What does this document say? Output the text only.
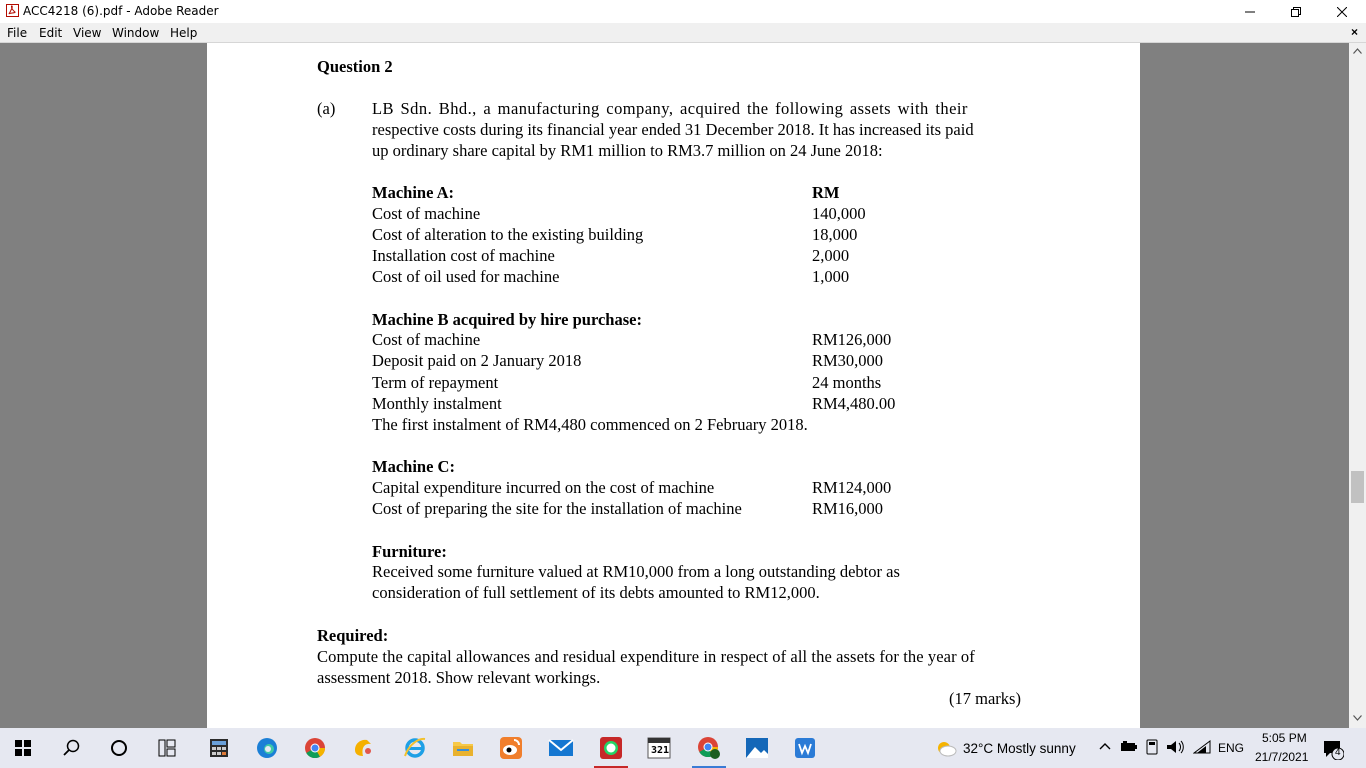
ACC4218 (6).pdf - Adobe Reader
File Edit View Window Help	×
Question 2
(a) LB Sdn. Bhd., a manufacturing company, acquired the following assets with their
respective costs during its financial year ended 31 December 2018. It has increased its paid
up ordinary share capital by RM1 million to RM3.7 million on 24 June 2018:
Machine A:	RM
Cost of machine	140,000
Cost of alteration to the existing building	18,000
Installation cost of machine	2,000
Cost of oil used for machine	1,000
Machine B acquired by hire purchase:
Cost of machine	RM126,000
Deposit paid on 2 January 2018	RM30,000
Term of repayment	24 months
Monthly instalment	RM4,480.00
The first instalment of RM4,480 commenced on 2 February 2018.
Machine C:
Capital expenditure incurred on the cost of machine	RM124,000
Cost of preparing the site for the installation of machine	RM16,000
Furniture:
Received some furniture valued at RM10,000 from a long outstanding debtor as
consideration of full settlement of its debts amounted to RM12,000.
Required:
Compute the capital allowances and residual expenditure in respect of all the assets for the year of
assessment 2018. Show relevant workings.
(17 marks)
321	32°C Mostly sunny	ENG
5:05 PM
21/7/2021	4
